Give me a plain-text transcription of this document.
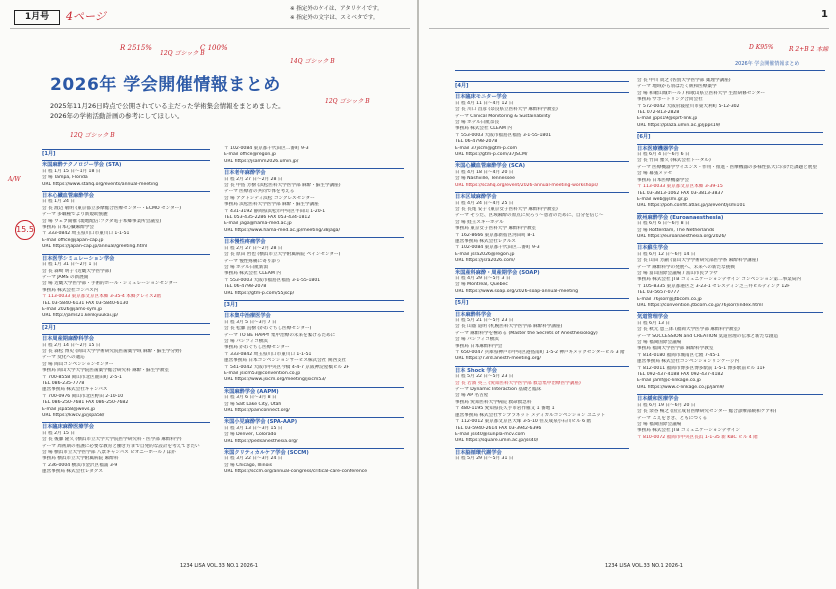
1月号	4ページ
※ 指定外のケイは、アタリケイです。
※ 指定外の文字は、スミベタです。
R 2515%	C 100%
12Q ゴシック B
12Q ゴシック B
12Q ゴシック B
A/W
14Q ゴシック B
15.5
2026年 学会開催情報まとめ
2025年11月26日時点で公開されている主だった学術集会情報をまとめました。
2026年の学術活動計画の参考にしてほしい。
[1月]
米国麻酔テクノロジー学会 (STA)
日 程 1月 15 日～1月 18 日
会 場 Tampa, Florida
URL https://www.stahq.org/events/annual-meeting
日本心臓血管麻酔学会
日 程 1月 24 日
会 長 渡辺 敬明 (東京都立多摩総合医療センター・ECMO センター)
テーマ 多職種でより新規助族麗
会 場 ウェブ開催 (現地配信:フクダ電子本郷事業所会議室)
事務局 日本心臓麻酔学会
〒 333-0842 埼玉県川口市東川口 1-1-51
E-mail office@japan-cap.jp
URL https://japan-cap.jp/annual/greeting.html
日本医学シミュレーション学会
日 程 1月 31 日～2月 1 日
会 長 森崎 明子 (近畿大学医学部)
テーマ JAMS の新展開
会 場 近畿大学医学部・手術的ホール・シミュレーションセンター
事務局 株式会社コンパス内
〒 113-0033 東京都文京区本郷 3-35-4 本郷グレイス2階
TEL 03-5840-6131 FAX 03-5840-6130
E-mail 2026@jams-sym.jp
URL http://jams21.kenkyuukai.jp/
[2月]
日本周産期麻酔科学会
日 程 2月 14 日～2月 15 日
会 長 森松 博史 (岡山大学学術研究院医歯薬学域 麻酔・蘇生学分野)
テーマ 変化への適応
会 場 岡山コンベンションセンター
事務局 岡山大学大学院医歯薬学総合研究科 麻酔・蘇生学教室
〒 700-8558 岡山市北区鹿田町 2-5-1
TEL 086-235-7778
運営事務局 株式会社キャンパス
〒 700-0976 岡山市北区野田 2-10-10
TEL 086-250-7681 FAX 086-250-7682
E-mail jspa58@wevs.jp
URL https://kwcv.jp/jspa58/
日本臨床麻酔医療学会
日 程 2月 15 日
会 長 後藤 隆久 (横浜市立大学大学院医学研究科・医学部 麻酔科学)
テーマ 周術期の看護に必要な教育と働き方まで自発的な設計を考えてきたい
会 場 横浜市立大学医学部 八景キャンパス ピオニーホール / ほか
事務局 横浜市立大学附属病院 麻酔科
〒 236-0004 横浜市金沢区福浦 3-9
運営事務局 株式会社レダクス
〒 102-0084 東京都千代田区二番町 9-3
E-mail office@regon.jp
URL https://jsamm2026.umin.jp/
日本老年麻酔学会
日 程 2月 27 日～2月 28 日
会 長 中島 芳樹 (浜松医科大学医学部 麻酔・蘇生学講座)
テーマ 医療者の共同で体を考える
会 場 アクトシティ浜松 コングレスセンター
事務局 浜松医科大学医学部 麻酔・蘇生学講座
〒 431-3192 静岡県浜松市中央区半田山 1-20-1
TEL 053-435-2286 FAX 053-434-1812
E-mail jaga@hama-med.ac.jp
URL https://www.hama-med.ac.jp/meeting/38jaga/
日本慢性疼痛学会
日 程 2月 27 日～2月 28 日
会 長 原田 哲也 (横浜市立大学附属病院 ペインセンター)
テーマ 慢性疼痛に寄り添う
会 場 ホテル日航新潟
事務局 株式会社 CLEAM 内
〒 553-0003 大阪市福島区福島 3-1-55-1801
TEL 06-4798-2078
URL https://gtm-p.com/55jscp/
[3月]
日本集中治療医学会
日 程 3月 5 日～3月 7 日
会 長 松藤 直樹 (かわぐちし医療センター)
テーマ TO BE HAPPY 集中治療の未来を繋げるために
会 場 パシフィコ横浜
事務局 かわぐちし医療センター
〒 333-0842 埼玉県川口市東川口 1-1-51
運営事務局 日本コンベンションサービス株式会社 関西支社
〒 541-0042 大阪市中央区今橋 4-4-7 京阪神淀屋橋ビル 2F
E-mail jsicm53@convention.co.jp
URL https://www.jsicm.org/meeting/jsicm53/
米国麻酔学会 (AAPM)
日 程 3月 6 日～3月 8 日
会 場 Salt Lake City, Utah
URL https://painconnect.org/
米国小児麻酔学会 (SPA-AAP)
日 程 3月 13 日～3月 15 日
会 場 Denver, Colorado
URL https://pedsanesthesia.org/
米国クリティカルケア学会 (SCCM)
日 程 3月 22 日～3月 24 日
会 場 Chicago, Illinois
URL https://sccm.org/annual-congress/critical-care-conference
1234 LISA VOL.33 NO.1 2026-1
1
D K95%	R 2+B 2 本線
2026年 学会開催情報まとめ
[4月]
日本臨床モニター学会
日 程 4月 11 日～4月 12 日
会 長 川口 昌彦 (奈良県立医科大学 麻酔科学教室)
テーマ Clinical Monitoring & Sustainability
会 場 ホテル日航奈良
事務局 株式会社 CLEAM 内
〒 553-0003 大阪市福島区福島 3-1-55-1801
TEL 06-4798-2078
E-mail 37jscm@gtm-p.com
URL https://gtm-p.com/37JSCM/
米国心臓血管麻酔学会 (SCA)
日 程 4月 18 日～4月 20 日
会 場 Nashville, Tennessee
URL https://scahq.org/event/2026-annual-meeting-workshops/
日本区域麻酔学会
日 程 4月 24 日～4月 25 日
会 長 長尾 安子 (東京女子医科大学 麻酔科学教室)
テーマ そうだ、区域麻酔の原点に戻ろう～患者のために、自分を信じ～
会 場 経王スキーホテル
事務局 東京女子医科大学 麻酔科学教室
〒 162-8666 東京都新宿区河田町 8-1
運営事務局 株式会社レグルス
〒 102-0084 東京都千代田区二番町 9-3
E-mail jsra2026@regon.jp
URL https://jsra2026.com/
米国産科麻酔・周産期学会 (SOAP)
日 程 4月 29 日～5月 3 日
会 場 Montreal, Quebec
URL https://www.soap.org/2026-soap-annual-meeting
[5月]
日本麻酔科学会
日 程 5月 21 日～5月 23 日
会 長 山蔭 道明 (札幌医科大学医学部 麻酔科学講座)
テーマ 麻酔科学を極める (Master the Secrets of Anesthesiology)
会 場 パシフィコ横浜
事務局 日本麻酔科学会
〒 650-0047 兵庫県神戸市中央区港島南町 1-5-2 神戸キメックセンタービル 3 階
URL https://73rd.anesth-meeting.org/
日本 Shock 学会
日 程 5月 22 日～5月 23 日
会 長 若濱 英三 (愛知医科大学医学部 救急集中治療医学講座)
テーマ Dynamic Interaction 基礎と臨床
会 場 AP 名古屋
事務局 愛知医科大学病院 救命救急科
〒 480-1195 愛知県長久手市岩作雁又 1 番地 1
運営事務局 株式会社サンプラネット メディカルコンベンション ユニット
〒 112-0012 東京都文京区大塚 3-5-10 住友成泉小石川ビル 6 階
TEL 03-5940-2614 FAX 03-3942-6396
E-mail jss40@sunpla-mcv.com
URL https://square.umin.ac.jp/jss40/
日本脳循環代謝学会
日 程 5月 29 日～5月 31 日
会 長 中川 貴之 (佐賀大学医学部 薬理学講座)
テーマ 地域から羽ばたく緩和医療薬学
会 場 和歌山城ホール / 和歌山県立医科大学 生涯研修センター
事務局 サポートリンク合同会社
〒 572-0042 大阪府寝屋川市東大利町 5-12-302
TEL 072-813-2828
E-mail jpps19@sprt-link.jp
URL https://plaza.umin.ac.jp/jpps19/
[6月]
日本医療機器学会
日 程 6月 4 日～6月 6 日
会 長 竹田 雅久 (株式会社トータル)
テーマ 医療機器学サイエンス - 作用・推進 - 医療機器の多様性拡大に向けた課題と展望
会 場 幕張メッセ
事務局 日本医療機器学会
〒 113-0033 東京都文京区本郷 3-39-15
TEL 03-3813-1062 FAX 03-3813-3837
E-mail web@jsmi.gr.jp
URL https://poh.confit.atlas.jp/ja/event/jsmi101
欧州麻酔学会 (Euroanaesthesia)
日 程 6月 6 日～6月 8 日
会 場 Rotterdam, The Netherlands
URL https://euroanaesthesia.org/2026/
日本蘇生学会
日 程 6月 12 日～6月 14 日
会 長 山田 芳嗣 (富山大学学術研究部医学系 麻酔科学講座)
テーマ 麻酔科学の発展へ、未来への新たな挑戦
会 場 富山国際会議場 / 富山市民プラザ
事務局 株式会社 JTB コミュニケーションデザイン コンベンション第二事業局内
〒 105-8335 東京都港区芝 3-23-1 セレスティン芝三井ビルディング 12F
TEL 03-5657-0777
E-mail 76jsorr@jtbcom.co.jp
URL https://convention.jtbcom.co.jp/76jsorr/index.html
気道管理学会
日 程 6月 13 日
会 長 秋元 恵三郎 (福岡大学医学部 麻酔科学教室)
テーマ SUCCESSION and CREATION 気道管理の伝承と新たな創造
会 場 福岡国際会議場
事務局 福岡大学医学部 麻酔科学教室
〒 814-0180 福岡市城南区七隈 7-45-1
運営事務局 株式会社コンベンションリンケージ内
〒 812-0011 福岡市博多区博多駅前 1-5-1 博多駅前ビル 11F
TEL 092-437-4188 FAX 092-437-4182
E-mail jamf@c-linkage.co.jp
URL https://www.c-linkage.co.jp/jam9/
日本緩和医療学会
日 程 6月 19 日～6月 20 日
会 長 余谷 暢之 (国立成育医療研究センター 総合診療部緩和ケア科)
テーマ こえをきき、ともにつくる
会 場 福岡国際会議場
事務局 株式会社 JTB コミュニケーションデザイン
〒 810-0072 福岡市中央区長浜 1-1-35 新 KBC ビル 4 階
1234 LISA VOL.33 NO.1 2026-1
